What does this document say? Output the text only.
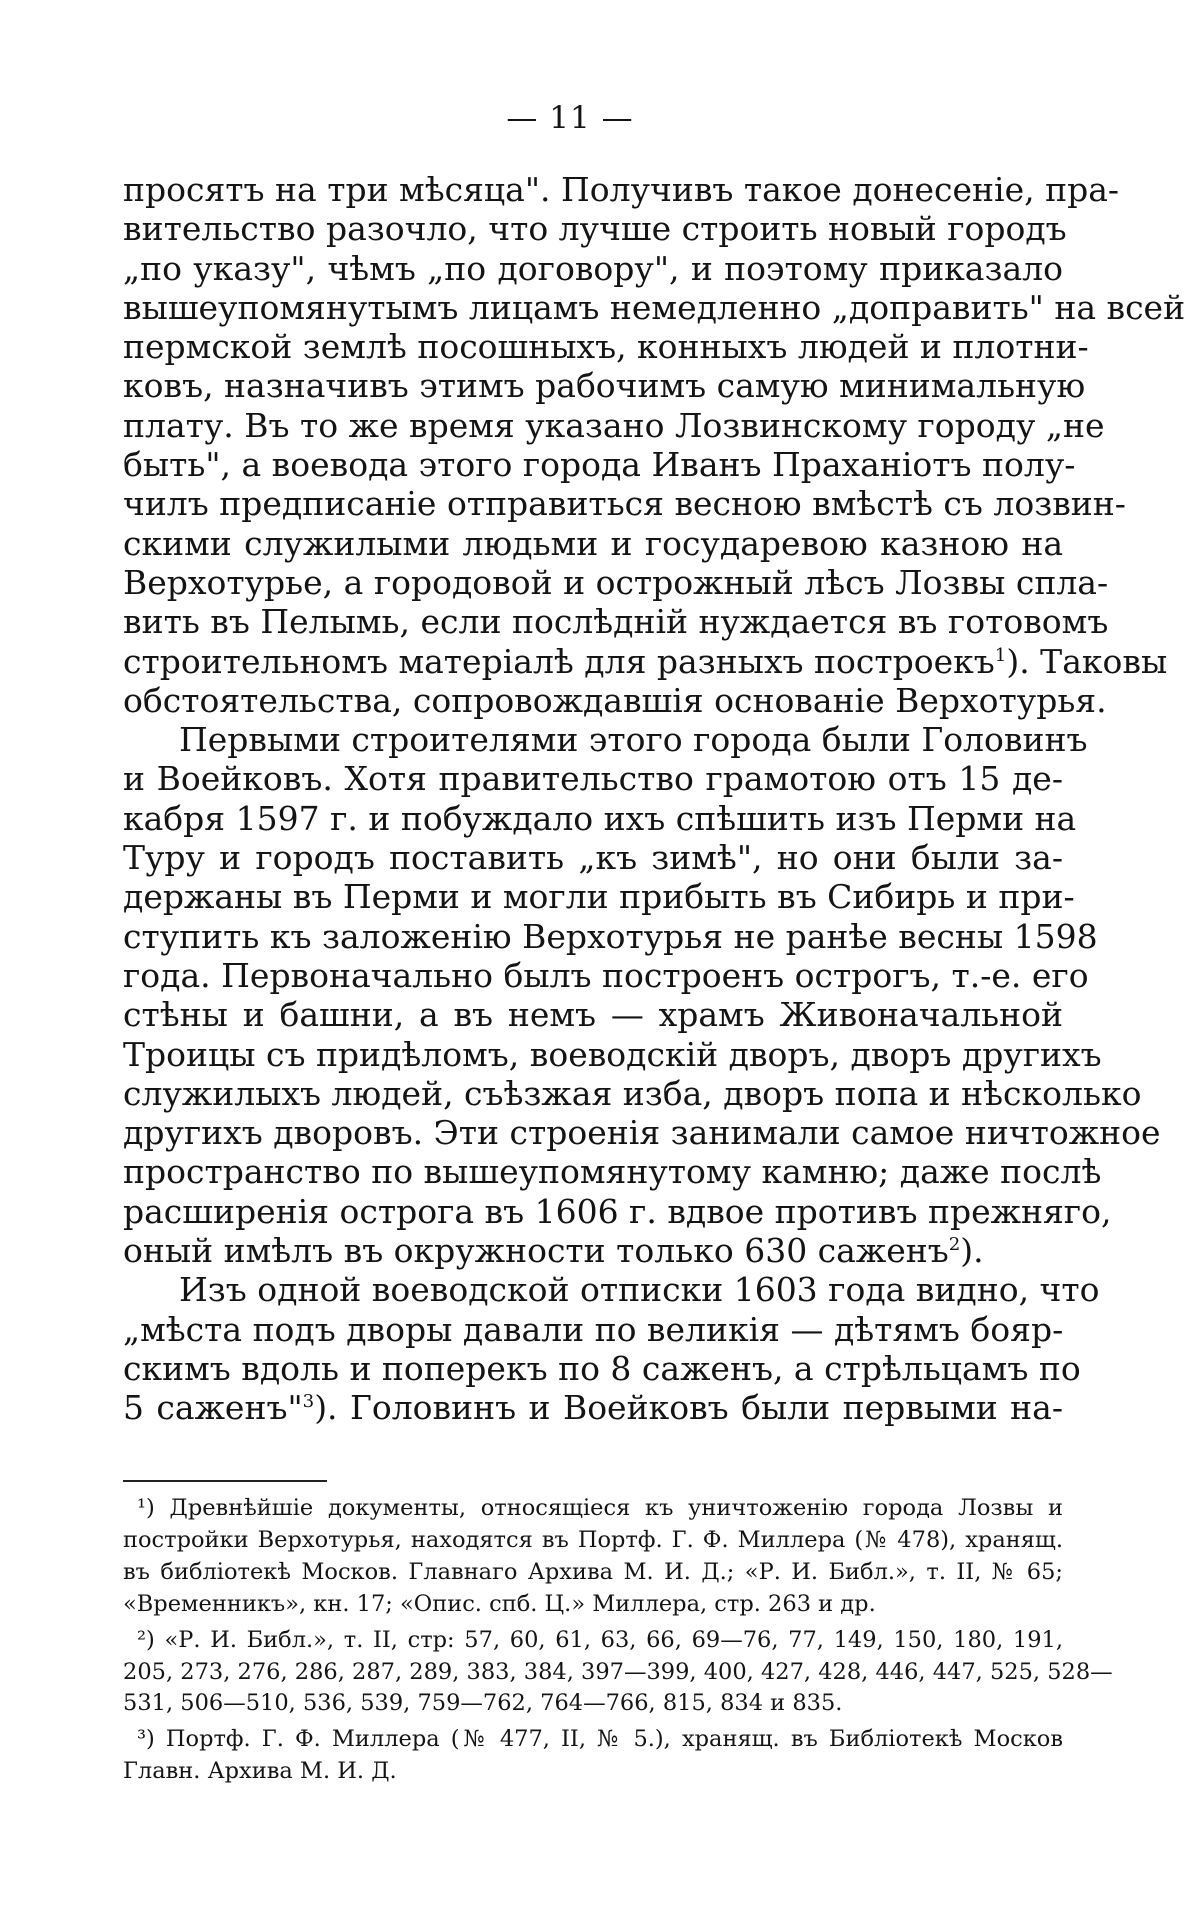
— 11 —
просятъ на три мѣсяца". Получивъ такое донесеніе, пра-
вительство разочло, что лучше строить новый городъ
„по указу", чѣмъ „по договору", и поэтому приказало
вышеупомянутымъ лицамъ немедленно „доправить" на всей
пермской землѣ посошныхъ, конныхъ людей и плотни-
ковъ, назначивъ этимъ рабочимъ самую минимальную
плату. Въ то же время указано Лозвинскому городу „не
быть", а воевода этого города Иванъ Праханіотъ полу-
чилъ предписаніе отправиться весною вмѣстѣ съ лозвин-
скими служилыми людьми и государевою казною на
Верхотурье, а городовой и острожный лѣсъ Лозвы спла-
вить въ Пелымь, если послѣдній нуждается въ готовомъ
строительномъ матеріалѣ для разныхъ построекъ$^1$). Таковы
обстоятельства, сопровождавшія основаніе Верхотурья.
Первыми строителями этого города были Головинъ
и Воейковъ. Хотя правительство грамотою отъ 15 де-
кабря 1597 г. и побуждало ихъ спѣшить изъ Перми на
Туру и городъ поставить „къ зимѣ", но они были за-
держаны въ Перми и могли прибыть въ Сибирь и при-
ступить къ заложенію Верхотурья не ранѣе весны 1598
года. Первоначально былъ построенъ острогъ, т.-е. его
стѣны и башни, а въ немъ — храмъ Живоначальной
Троицы съ придѣломъ, воеводскій дворъ, дворъ другихъ
служилыхъ людей, съѣзжая изба, дворъ попа и нѣсколько
другихъ дворовъ. Эти строенія занимали самое ничтожное
пространство по вышеупомянутому камню; даже послѣ
расширенія острога въ 1606 г. вдвое противъ прежняго,
оный имѣлъ въ окружности только 630 саженъ$^2$).
Изъ одной воеводской отписки 1603 года видно, что
„мѣста подъ дворы давали по великія — дѣтямъ бояр-
скимъ вдоль и поперекъ по 8 саженъ, а стрѣльцамъ по
5 саженъ"$^3$). Головинъ и Воейковъ были первыми на-
¹) Древнѣйшіе документы, относящіеся къ уничтоженію города Лозвы и
постройки Верхотурья, находятся въ Портф. Г. Ф. Миллера (№ 478), хранящ.
въ библіотекѣ Москов. Главнаго Архива М. И. Д.; «Р. И. Библ.», т. II, № 65;
«Временникъ», кн. 17; «Опис. спб. Ц.» Миллера, стр. 263 и др.
²) «Р. И. Библ.», т. II, стр: 57, 60, 61, 63, 66, 69—76, 77, 149, 150, 180, 191,
205, 273, 276, 286, 287, 289, 383, 384, 397—399, 400, 427, 428, 446, 447, 525, 528—
531, 506—510, 536, 539, 759—762, 764—766, 815, 834 и 835.
³) Портф. Г. Ф. Миллера (№ 477, II, № 5.), хранящ. въ Библіотекѣ Москов
Главн. Архива М. И. Д.
